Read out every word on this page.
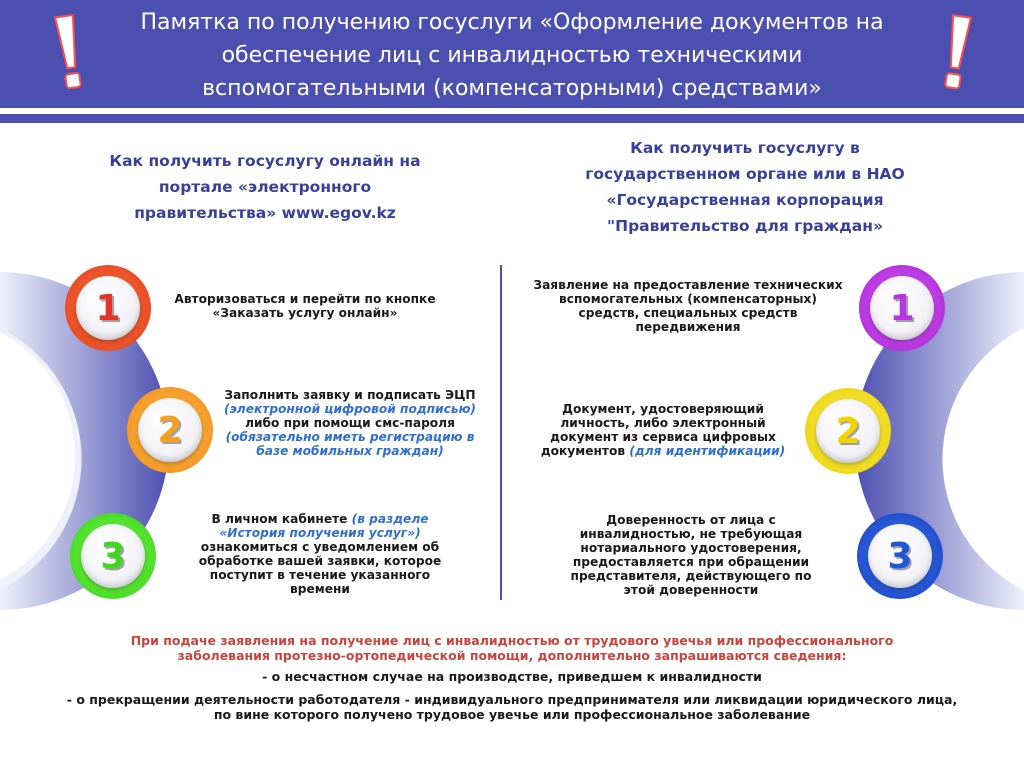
Памятка по получению госуслуги «Оформление документов на обеспечение лиц с инвалидностью техническими вспомогательными (компенсаторными) средствами»
Как получить госуслугу онлайн на портале «электронного правительства» www.egov.kz
Как получить госуслугу в государственном органе или в НАО «Государственная корпорация "Правительство для граждан»
1
2
3
Авторизоваться и перейти по кнопке «Заказать услугу онлайн»
Заполнить заявку и подписать ЭЦП (электронной цифровой подписью) либо при помощи смс-пароля (обязательно иметь регистрацию в базе мобильных граждан)
В личном кабинете (в разделе «История получения услуг») ознакомиться с уведомлением об обработке вашей заявки, которое поступит в течение указанного времени
1
2
3
Заявление на предоставление технических вспомогательных (компенсаторных) средств, специальных средств передвижения
Документ, удостоверяющий личность, либо электронный документ из сервиса цифровых документов (для идентификации)
Доверенность от лица с инвалидностью, не требующая нотариального удостоверения, предоставляется при обращении представителя, действующего по этой доверенности
При подаче заявления на получение лиц с инвалидностью от трудового увечья или профессионального заболевания протезно-ортопедической помощи, дополнительно запрашиваются сведения:
- о несчастном случае на производстве, приведшем к инвалидности
- о прекращении деятельности работодателя - индивидуального предпринимателя или ликвидации юридического лица, по вине которого получено трудовое увечье или профессиональное заболевание
